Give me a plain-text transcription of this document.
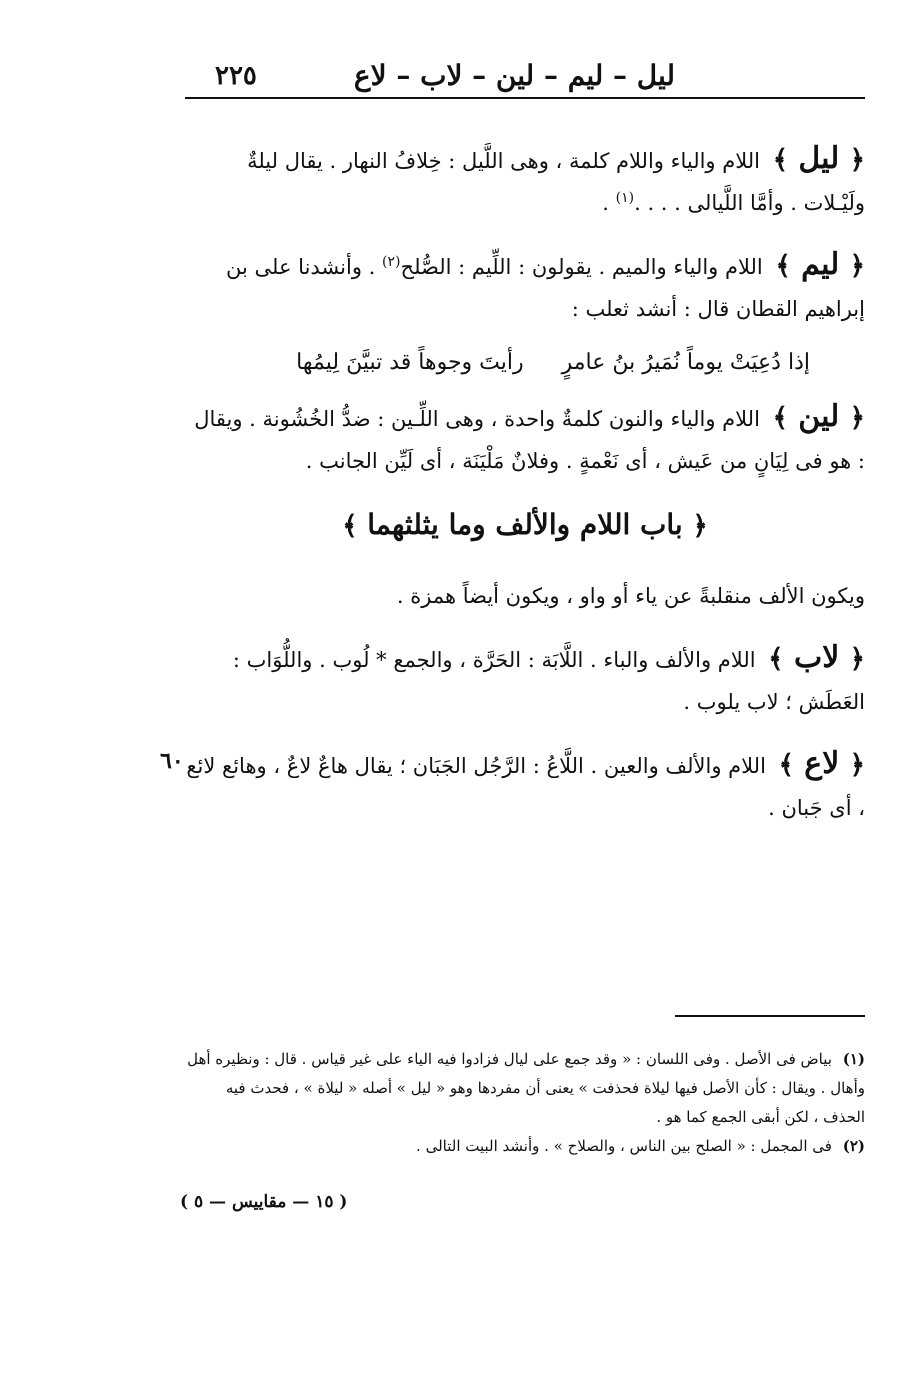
ليل – ليم – لين – لاب – لاع
٢٢٥

﴿ ليل ﴾ اللام والياء واللام كلمة ، وهى اللَّيل : خِلافُ النهار . يقال ليلةٌ ولَيْـلات . وأمَّا اللَّيالى . . . .$^{(١)}$ .

﴿ ليم ﴾ اللام والياء والميم . يقولون : اللِّيم : الصُّلح$^{(٢)}$ . وأنشدنا على بن إبراهيم القطان قال : أنشد ثعلب :

إذا دُعِيَتْ يوماً نُمَيرُ بنُ عامرٍ
رأيتَ وجوهاً قد تبيَّنَ لِيمُها

﴿ لين ﴾ اللام والياء والنون كلمةٌ واحدة ، وهى اللِّـين : ضدُّ الخُشُونة . ويقال : هو فى لِيَانٍ من عَيش ، أى نَعْمةٍ . وفلانٌ مَلْيَنَة ، أى لَيِّن الجانب .

﴿ باب اللام والألف وما يثلثهما ﴾

ويكون الألف منقلبةً عن ياء أو واو ، ويكون أيضاً همزة .

﴿ لاب ﴾ اللام والألف والباء . اللَّابَة : الحَرَّة ، والجمع * لُوب . واللُّوَاب : العَطَش ؛ لاب يلوب .

﴿ لاع ﴾ اللام والألف والعين . اللَّاعُ : الرَّجُل الجَبَان ؛ يقال هاعٌ لاعٌ ، وهائع لائع ، أى جَبان .

٦٠

(١) بياض فى الأصل . وفى اللسان : « وقد جمع على ليال فزادوا فيه الياء على غير قياس . قال : ونظيره أهل وأهال . ويقال : كأن الأصل فيها ليلاة فحذفت » يعنى أن مفردها وهو « ليل » أصله « ليلاة » ، فحدث فيه الحذف ، لكن أبقى الجمع كما هو .

(٢) فى المجمل : « الصلح بين الناس ، والصلاح » . وأنشد البيت التالى .

( ١٥ — مقاييس — ٥ )
